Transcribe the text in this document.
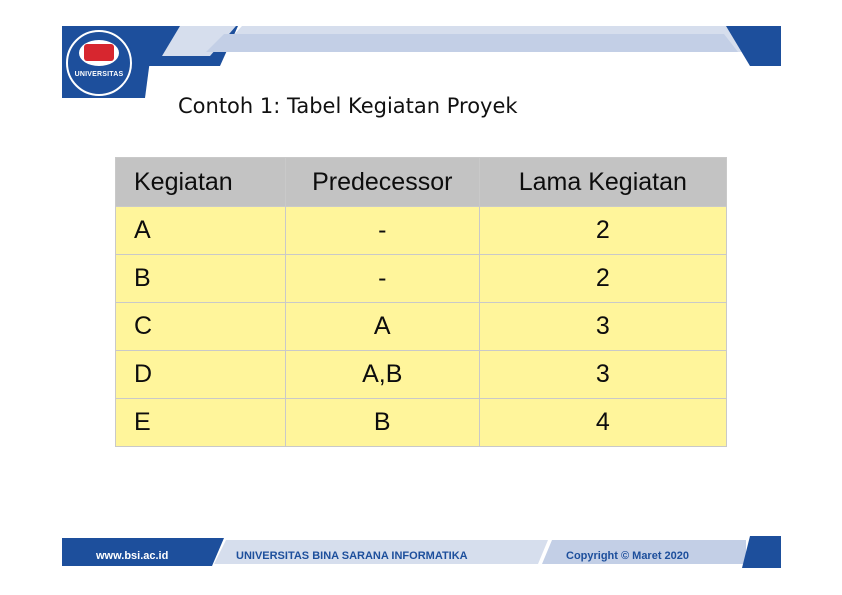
UNIVERSITAS
Contoh 1: Tabel Kegiatan Proyek
Kegiatan	Predecessor	Lama Kegiatan
A	-	2
B	-	2
C	A	3
D	A,B	3
E	B	4

www.bsi.ac.id	UNIVERSITAS BINA SARANA INFORMATIKA	Copyright © Maret 2020
